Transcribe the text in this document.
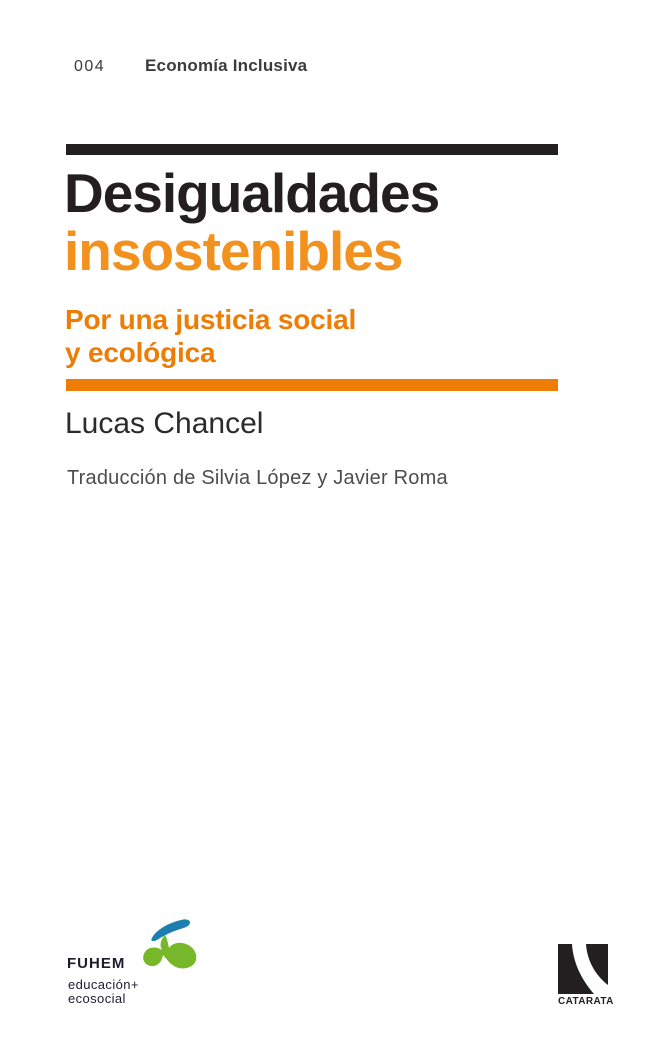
004 Economía Inclusiva
Desigualdades
insostenibles
Por una justicia social
y ecológica
Lucas Chancel
Traducción de Silvia López y Javier Roma
fuhem
educación+
ecosocial	CATARATA
